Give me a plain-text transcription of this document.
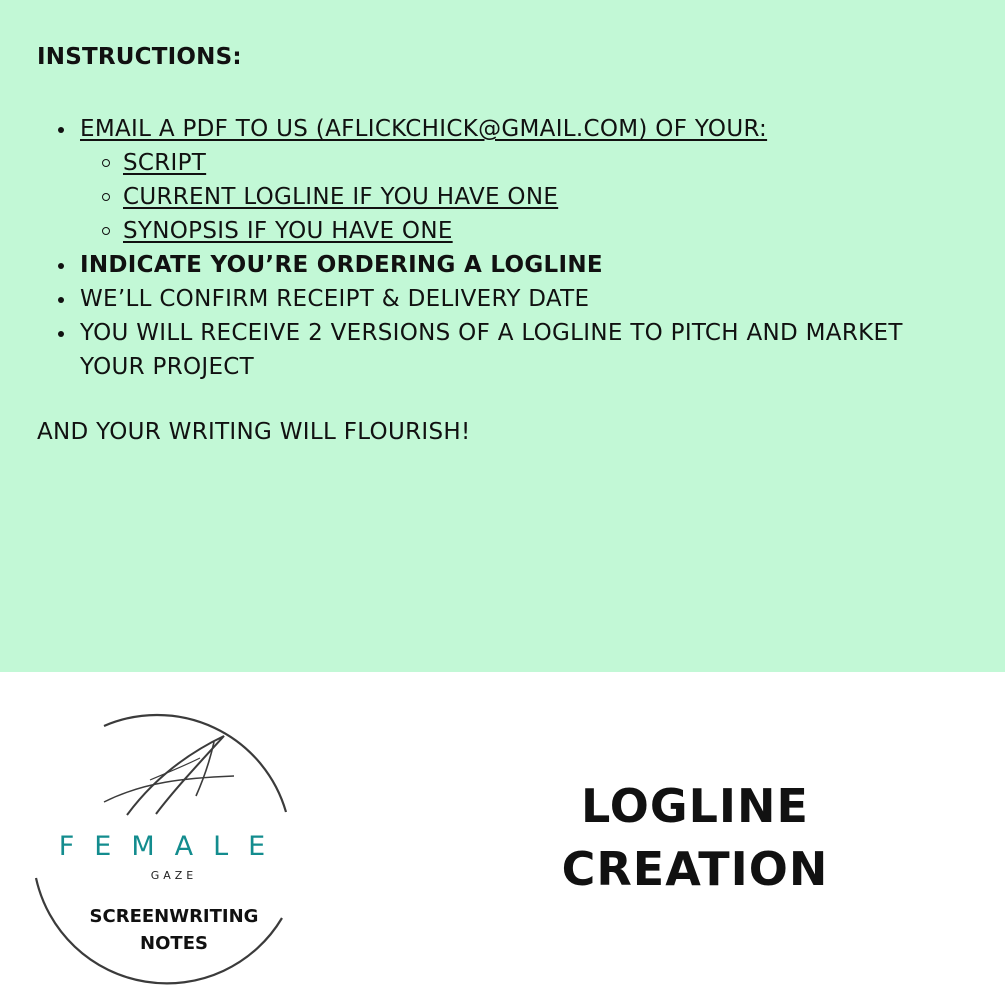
INSTRUCTIONS:
EMAIL A PDF TO US (AFLICKCHICK@GMAIL.COM) OF YOUR:
SCRIPT
CURRENT LOGLINE IF YOU HAVE ONE
SYNOPSIS IF YOU HAVE ONE
INDICATE YOU’RE ORDERING A LOGLINE
WE’LL CONFIRM RECEIPT & DELIVERY DATE
YOU WILL RECEIVE 2 VERSIONS OF A LOGLINE TO PITCH AND MARKET YOUR PROJECT

AND YOUR WRITING WILL FLOURISH!

FEMALE
GAZE
SCREENWRITING
NOTES
LOGLINE
CREATION
